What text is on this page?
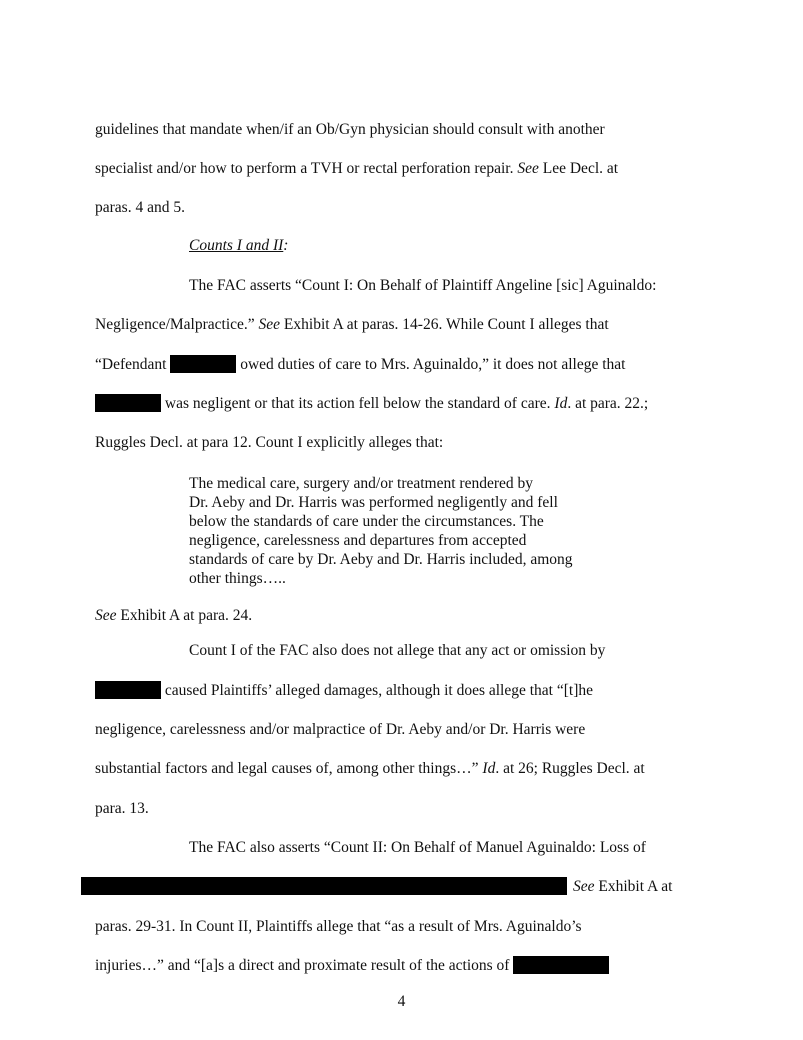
guidelines that mandate when/if an Ob/Gyn physician should consult with another
specialist and/or how to perform a TVH or rectal perforation repair. See Lee Decl. at
paras. 4 and 5.
Counts I and II:
The FAC asserts “Count I: On Behalf of Plaintiff Angeline [sic] Aguinaldo:
Negligence/Malpractice.” See Exhibit A at paras. 14-26. While Count I alleges that
“Defendant	owed duties of care to Mrs. Aguinaldo,” it does not allege that
was negligent or that its action fell below the standard of care. Id. at para. 22.;
Ruggles Decl. at para 12. Count I explicitly alleges that:
The medical care, surgery and/or treatment rendered by
Dr. Aeby and Dr. Harris was performed negligently and fell
below the standards of care under the circumstances. The
negligence, carelessness and departures from accepted
standards of care by Dr. Aeby and Dr. Harris included, among
other things…..
See Exhibit A at para. 24.
Count I of the FAC also does not allege that any act or omission by
caused Plaintiffs’ alleged damages, although it does allege that “[t]he
negligence, carelessness and/or malpractice of Dr. Aeby and/or Dr. Harris were
substantial factors and legal causes of, among other things…” Id. at 26; Ruggles Decl. at
para. 13.
The FAC also asserts “Count II: On Behalf of Manuel Aguinaldo: Loss of
See Exhibit A at
paras. 29-31. In Count II, Plaintiffs allege that “as a result of Mrs. Aguinaldo’s
injuries…” and “[a]s a direct and proximate result of the actions of
4
